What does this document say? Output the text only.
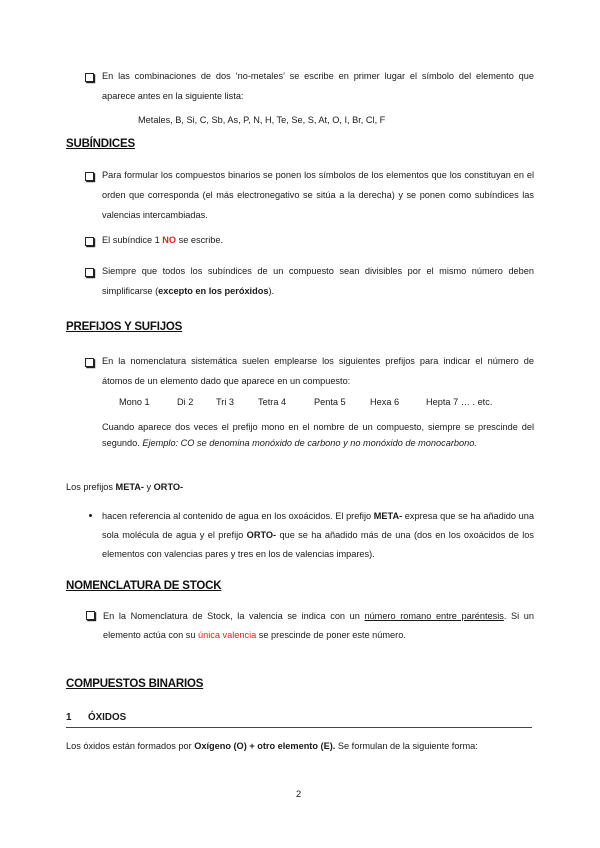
En las combinaciones de dos ‘no-metales’ se escribe en primer lugar el símbolo del elemento que aparece antes en la siguiente lista:
Metales, B, Si, C, Sb, As, P, N, H, Te, Se, S, At, O, I, Br, Cl, F
SUBÍNDICES
Para formular los compuestos binarios se ponen los símbolos de los elementos que los constituyan en el orden que corresponda (el más electronegativo se sitúa a la derecha) y se ponen como subíndices las valencias intercambiadas.
El subíndice 1 NO se escribe.
Siempre que todos los subíndices de un compuesto sean divisibles por el mismo número deben simplificarse (excepto en los peróxidos).
PREFIJOS Y SUFIJOS
En la nomenclatura sistemática suelen emplearse los siguientes prefijos para indicar el número de átomos de un elemento dado que aparece en un compuesto:
Mono 1	Di 2 Tri 3	Tetra 4	Penta 5	Hexa 6	Hepta 7 … . etc.
Cuando aparece dos veces el prefijo mono en el nombre de un compuesto, siempre se prescinde del segundo. Ejemplo: CO se denomina monóxido de carbono y no monóxido de monocarbono.
Los prefijos META- y ORTO-
hacen referencia al contenido de agua en los oxoácidos. El prefijo META- expresa que se ha añadido una sola molécula de agua y el prefijo ORTO- que se ha añadido más de una (dos en los oxoácidos de los elementos con valencias pares y tres en los de valencias impares).
NOMENCLATURA DE STOCK
En la Nomenclatura de Stock, la valencia se indica con un número romano entre paréntesis. Si un elemento actúa con su única valencia se prescinde de poner este número.
COMPUESTOS BINARIOS
1 ÓXIDOS
Los óxidos están formados por Oxígeno (O) + otro elemento (E). Se formulan de la siguiente forma:
2
